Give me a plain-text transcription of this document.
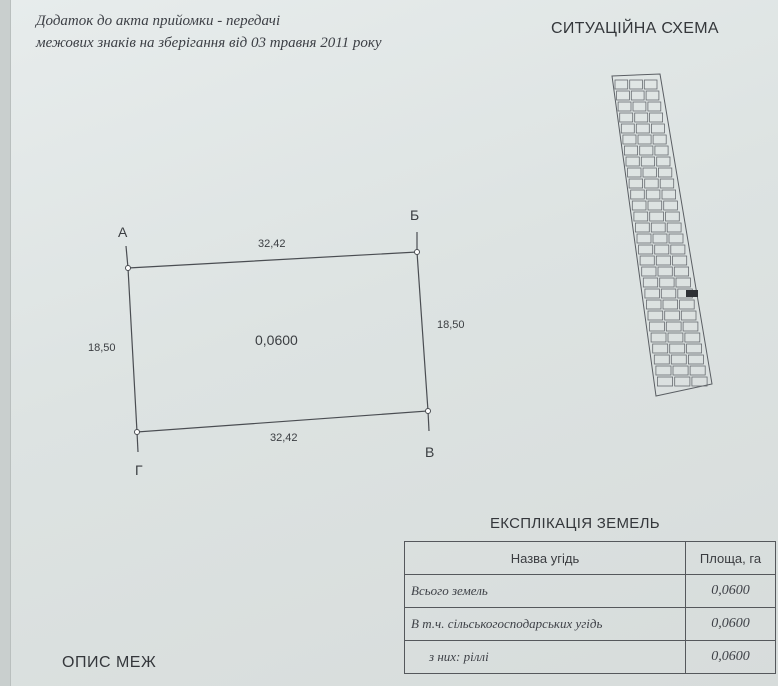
Додаток до акта прийомки - передачі
межових знаків на зберігання від 03 травня 2011 року
СИТУАЦІЙНА СХЕМА
А
Б
В
Г
32,42
32,42
18,50
18,50
0,0600
ЕКСПЛІКАЦІЯ ЗЕМЕЛЬ
Назва угідь	Площа, га
Всього земель	0,0600
В т.ч. сільськогосподарських угідь	0,0600
з них: ріллі	0,0600
ОПИС МЕЖ
